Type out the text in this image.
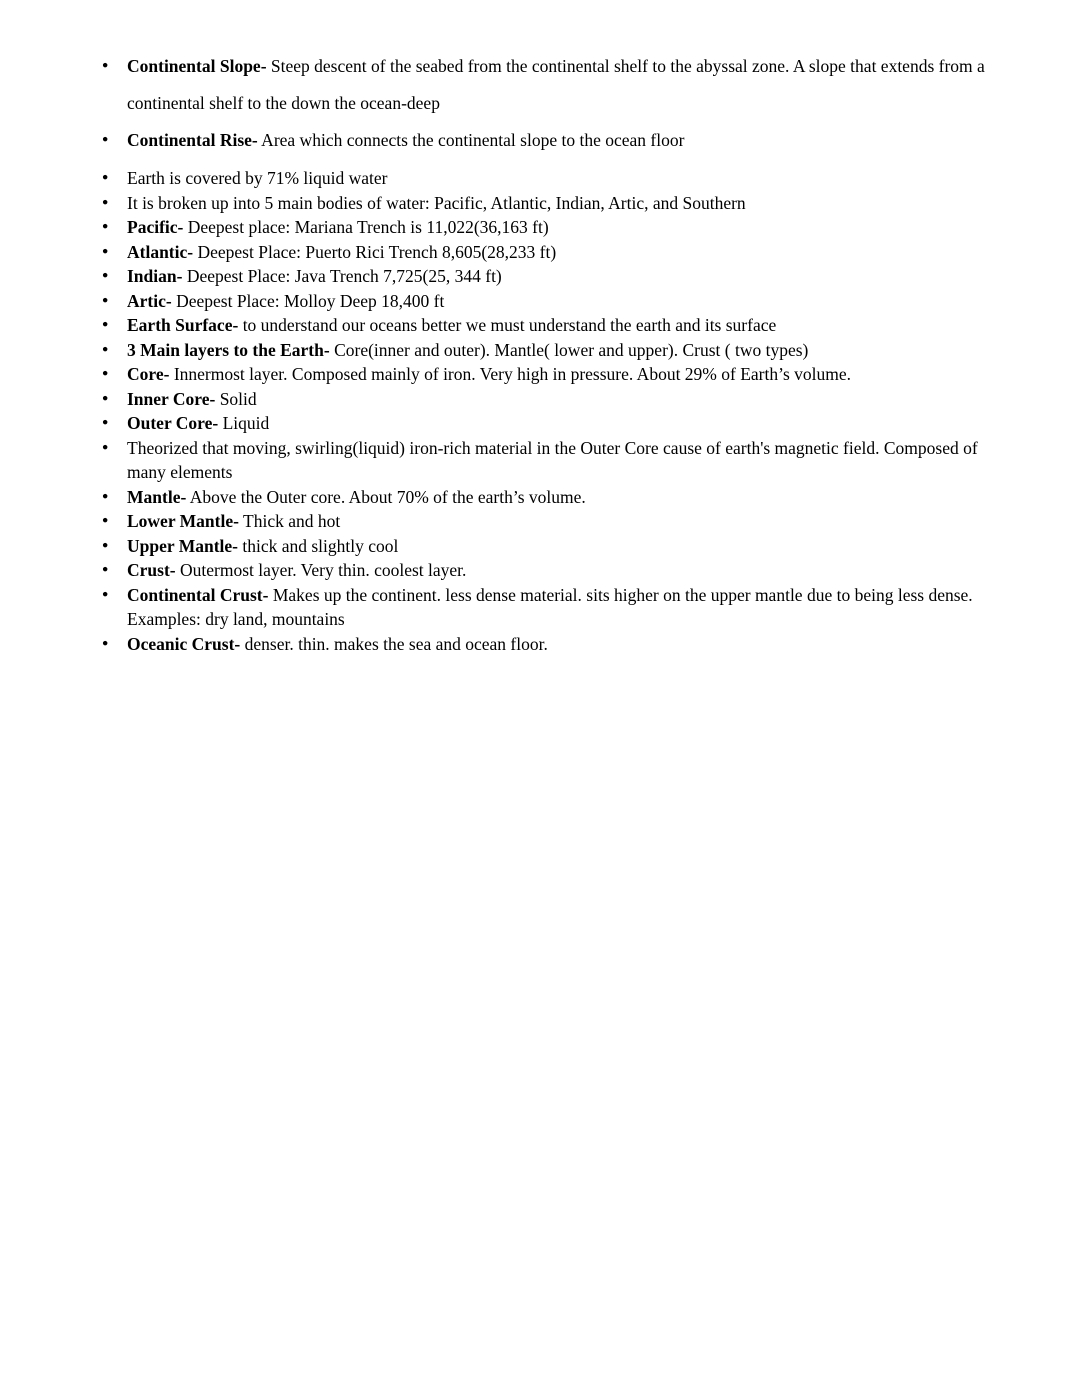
● Continental Slope- Steep descent of the seabed from the continental shelf to the abyssal zone. A slope that extends from a continental shelf to the down the ocean-deep
● Continental Rise- Area which connects the continental slope to the ocean floor
● Earth is covered by 71% liquid water
● It is broken up into 5 main bodies of water: Pacific, Atlantic, Indian, Artic, and Southern
● Pacific- Deepest place: Mariana Trench is 11,022(36,163 ft)
● Atlantic- Deepest Place: Puerto Rici Trench 8,605(28,233 ft)
● Indian- Deepest Place: Java Trench 7,725(25, 344 ft)
● Artic- Deepest Place: Molloy Deep 18,400 ft
● Earth Surface- to understand our oceans better we must understand the earth and its surface
● 3 Main layers to the Earth- Core(inner and outer). Mantle( lower and upper). Crust ( two types)
● Core- Innermost layer. Composed mainly of iron. Very high in pressure. About 29% of Earth’s volume.
● Inner Core- Solid
● Outer Core- Liquid
● Theorized that moving, swirling(liquid) iron-rich material in the Outer Core cause of earth's magnetic field. Composed of many elements
● Mantle- Above the Outer core. About 70% of the earth’s volume.
● Lower Mantle- Thick and hot
● Upper Mantle- thick and slightly cool
● Crust- Outermost layer. Very thin. coolest layer.
● Continental Crust- Makes up the continent. less dense material. sits higher on the upper mantle due to being less dense. Examples: dry land, mountains
● Oceanic Crust- denser. thin. makes the sea and ocean floor.
